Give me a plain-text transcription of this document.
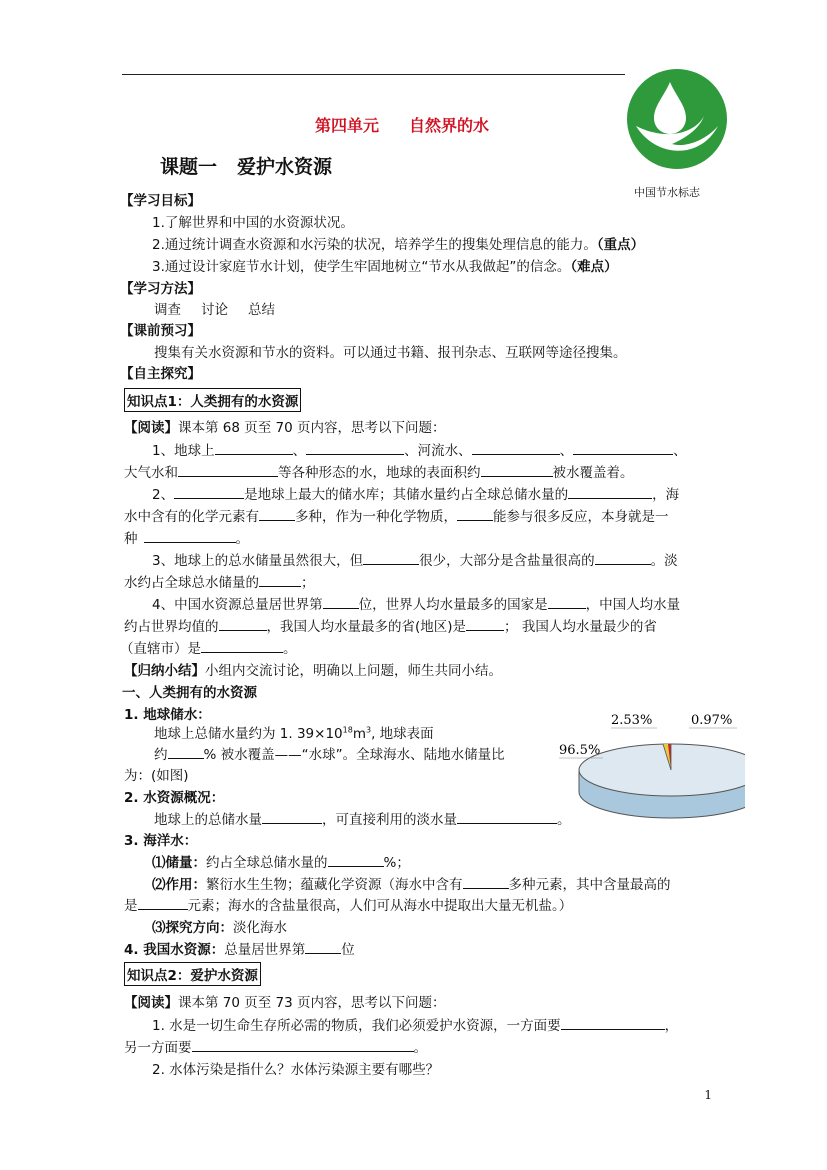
中国节水标志
第四单元 自然界的水
课题一 爱护水资源
【学习目标】
1.了解世界和中国的水资源状况。
2.通过统计调查水资源和水污染的状况，培养学生的搜集处理信息的能力。（重点）
3.通过设计家庭节水计划，使学生牢固地树立“节水从我做起”的信念。（难点）
【学习方法】
调查 讨论 总结
【课前预习】
搜集有关水资源和节水的资料。可以通过书籍、报刊杂志、互联网等途径搜集。
【自主探究】
知识点1：人类拥有的水资源
【阅读】课本第 68 页至 70 页内容，思考以下问题：
1、地球上	、	、河流水、	、	、
大气水和	等各种形态的水，地球的表面积约	被水覆盖着。
2、	是地球上最大的储水库；其储水量约占全球总储水量的	，海
水中含有的化学元素有	多种，作为一种化学物质，	能参与很多反应，本身就是一
种	。
3、地球上的总水储量虽然很大，但	很少，大部分是含盐量很高的	。淡
水约占全球总水储量的	；
4、中国水资源总量居世界第	位，世界人均水量最多的国家是	，中国人均水量
约占世界均值的	，我国人均水量最多的省(地区)是	； 我国人均水量最少的省
（直辖市）是	。
【归纳小结】小组内交流讨论，明确以上问题，师生共同小结。
一、人类拥有的水资源
1. 地球储水：
地球上总储水量约为 1. $39\times 10^{18}m^3$, 地球表面
约	% 被水覆盖——“水球”。全球海水、陆地水储量比
为：(如图)
2. 水资源概况：
地球上的总储水量	，可直接利用的淡水量	。
3. 海洋水：
⑴储量：约占全球总储水量的	%；
⑵作用：繁衍水生生物；蕴藏化学资源（海水中含有	多种元素，其中含量最高的
是	元素；海水的含盐量很高，人们可从海水中提取出大量无机盐。）
⑶探究方向：淡化海水
4. 我国水资源：总量居世界第	位
2.53%	0.97%
96.5%
知识点2：爱护水资源
【阅读】课本第 70 页至 73 页内容，思考以下问题：
1. 水是一切生命生存所必需的物质，我们必须爱护水资源，一方面要	，
另一方面要	。
2. 水体污染是指什么？水体污染源主要有哪些？
1
